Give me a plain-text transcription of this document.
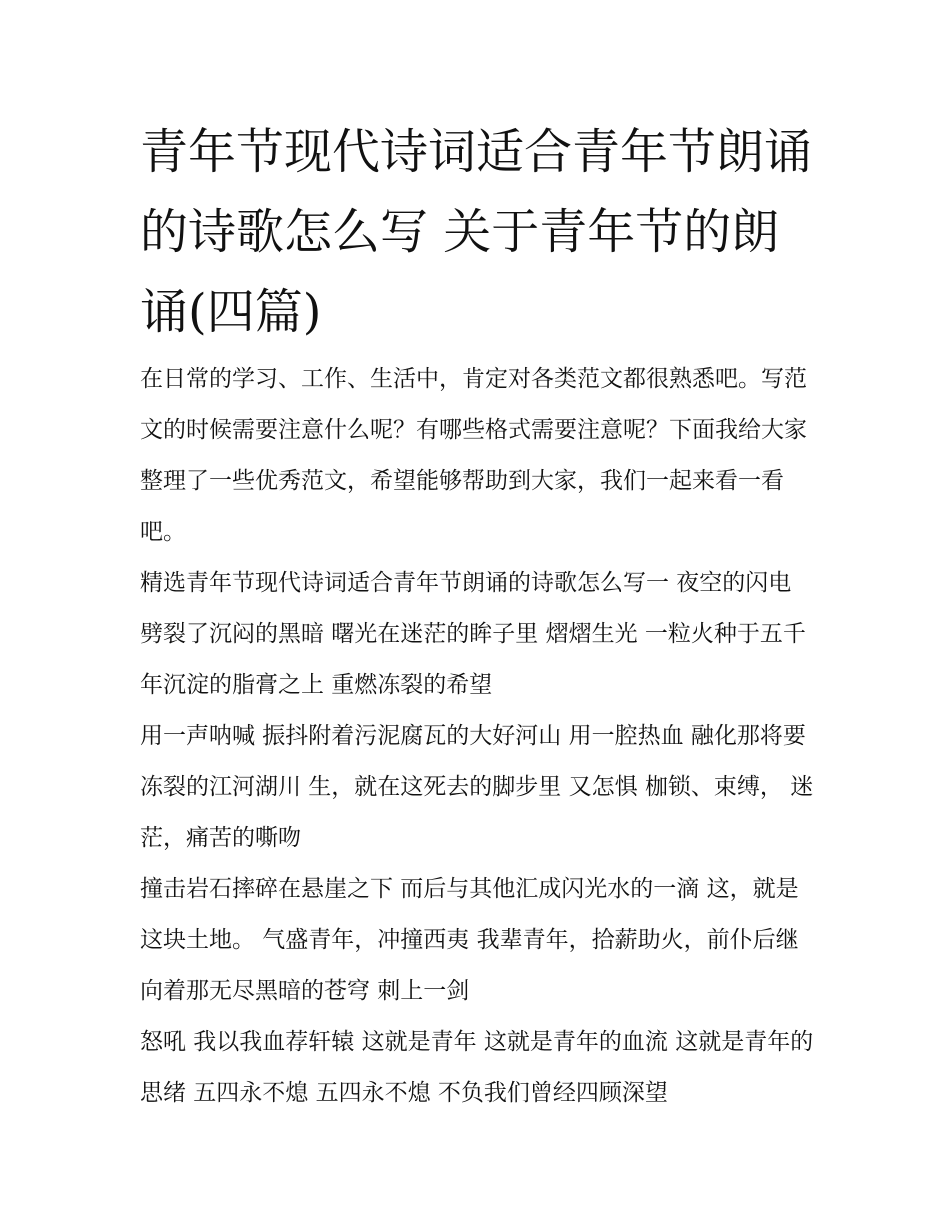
青年节现代诗词适合青年节朗诵的诗歌怎么写 关于青年节的朗诵(四篇)

在日常的学习、工作、生活中，肯定对各类范文都很熟悉吧。写范文的时候需要注意什么呢？有哪些格式需要注意呢？下面我给大家整理了一些优秀范文，希望能够帮助到大家，我们一起来看一看吧。

精选青年节现代诗词适合青年节朗诵的诗歌怎么写一 夜空的闪电 劈裂了沉闷的黑暗 曙光在迷茫的眸子里 熠熠生光 一粒火种于五千年沉淀的脂膏之上 重燃冻裂的希望

用一声呐喊 振抖附着污泥腐瓦的大好河山 用一腔热血 融化那将要冻裂的江河湖川 生，就在这死去的脚步里 又怎惧 枷锁、束缚， 迷茫，痛苦的嘶吻

撞击岩石摔碎在悬崖之下 而后与其他汇成闪光水的一滴 这，就是这块土地。 气盛青年，冲撞西夷 我辈青年，拾薪助火，前仆后继 向着那无尽黑暗的苍穹 刺上一剑

怒吼 我以我血荐轩辕 这就是青年 这就是青年的血流 这就是青年的思绪 五四永不熄 五四永不熄 不负我们曾经四顾深望
